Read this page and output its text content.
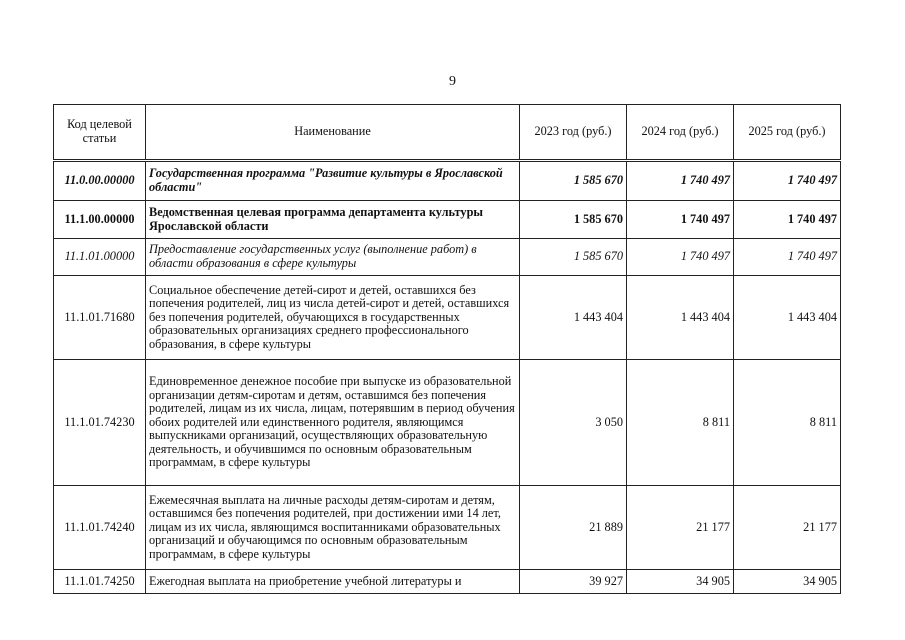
9
Код целевой статьи	Наименование	2023 год (руб.)	2024 год (руб.)	2025 год (руб.)
11.0.00.00000	Государственная программа "Развитие культуры в Ярославской области"	1 585 670	1 740 497	1 740 497
11.1.00.00000	Ведомственная целевая программа департамента культуры Ярославской области	1 585 670	1 740 497	1 740 497
11.1.01.00000	Предоставление государственных услуг (выполнение работ) в области образования в сфере культуры	1 585 670	1 740 497	1 740 497
11.1.01.71680	Социальное обеспечение детей-сирот и детей, оставшихся без попечения родителей, лиц из числа детей-сирот и детей, оставшихся без попечения родителей, обучающихся в государственных образовательных организациях среднего профессионального образования, в сфере культуры	1 443 404	1 443 404	1 443 404
11.1.01.74230	Единовременное денежное пособие при выпуске из образовательной организации детям-сиротам и детям, оставшимся без попечения родителей, лицам из их числа, лицам, потерявшим в период обучения обоих родителей или единственного родителя, являющимся выпускниками организаций, осуществляющих образовательную деятельность, и обучившимся по основным образовательным программам, в сфере культуры	3 050	8 811	8 811
11.1.01.74240	Ежемесячная выплата на личные расходы детям-сиротам и детям, оставшимся без попечения родителей, при достижении ими 14 лет, лицам из их числа, являющимся воспитанниками образовательных организаций и обучающимся по основным образовательным программам, в сфере культуры	21 889	21 177	21 177
11.1.01.74250	Ежегодная выплата на приобретение учебной литературы и	39 927	34 905	34 905
